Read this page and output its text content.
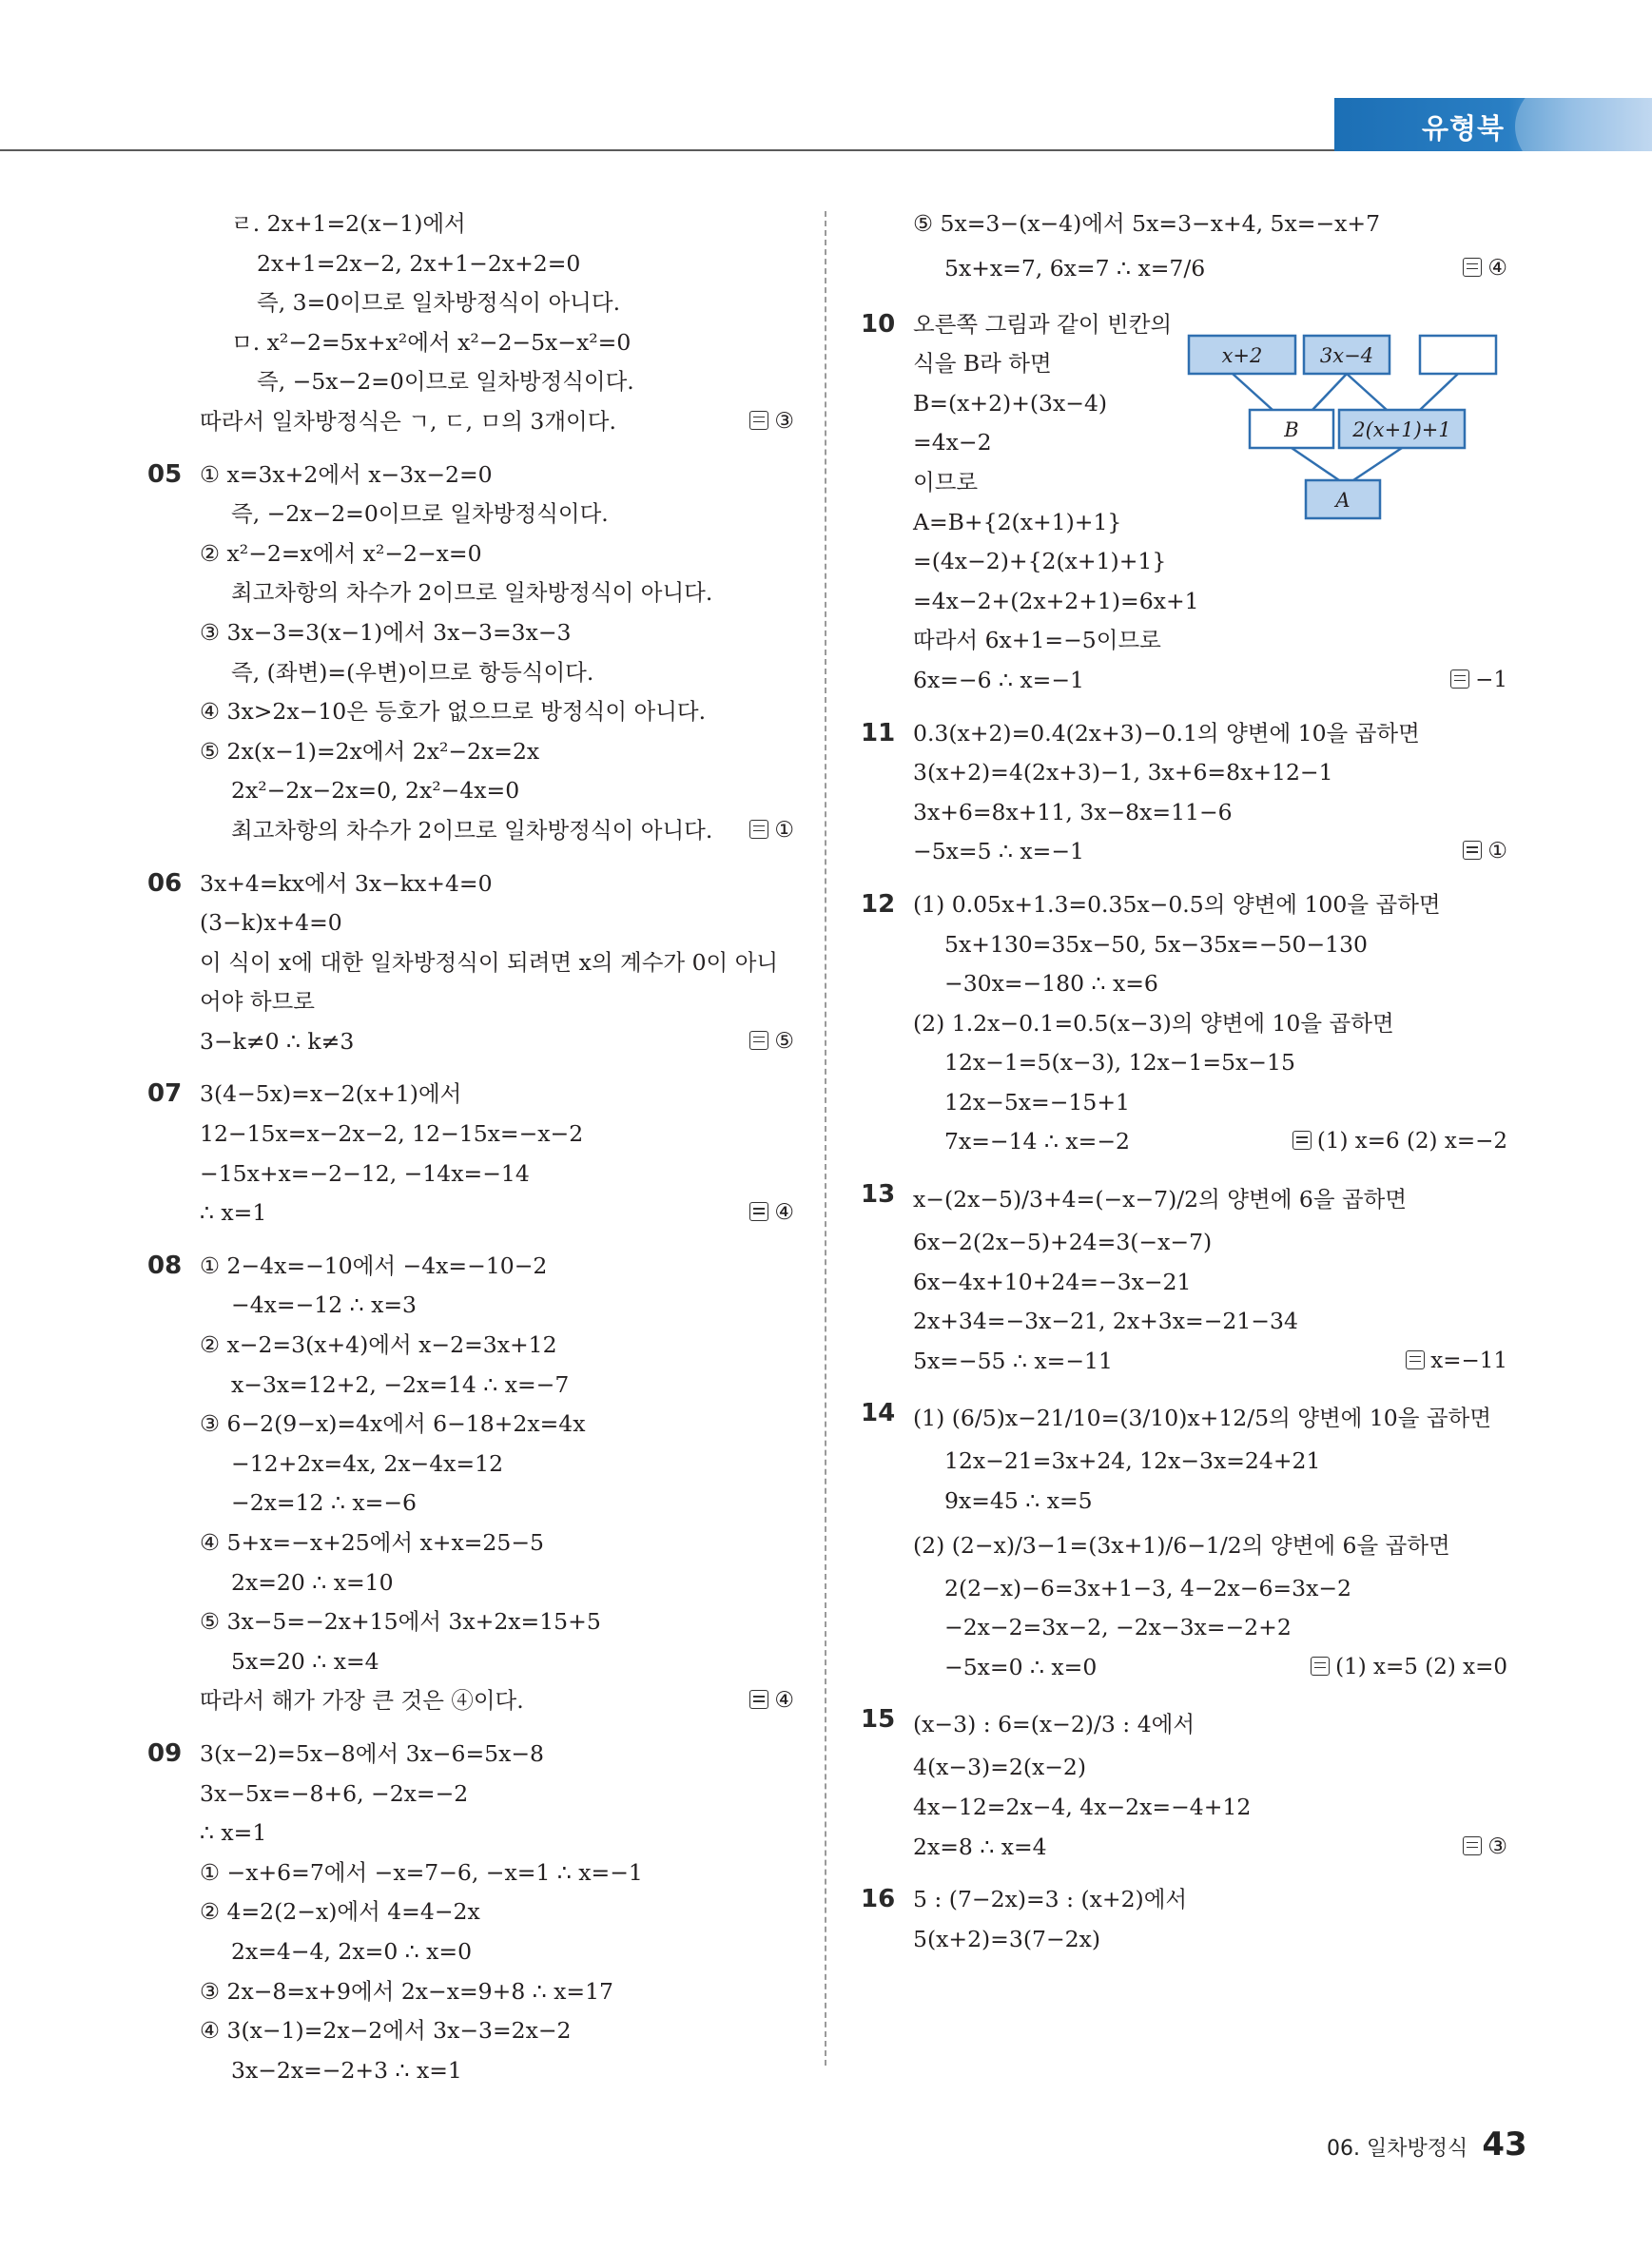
유형북
ㄹ. 2x+1=2(x−1)에서
2x+1=2x−2, 2x+1−2x+2=0
즉, 3=0이므로 일차방정식이 아니다.
ㅁ. x²−2=5x+x²에서 x²−2−5x−x²=0
즉, −5x−2=0이므로 일차방정식이다.
따라서 일차방정식은 ㄱ, ㄷ, ㅁ의 3개이다.	③
05 ① x=3x+2에서 x−3x−2=0
즉, −2x−2=0이므로 일차방정식이다.
② x²−2=x에서 x²−2−x=0
최고차항의 차수가 2이므로 일차방정식이 아니다.
③ 3x−3=3(x−1)에서 3x−3=3x−3
즉, (좌변)=(우변)이므로 항등식이다.
④ 3x>2x−10은 등호가 없으므로 방정식이 아니다.
⑤ 2x(x−1)=2x에서 2x²−2x=2x
2x²−2x−2x=0, 2x²−4x=0
최고차항의 차수가 2이므로 일차방정식이 아니다.	①
06 3x+4=kx에서 3x−kx+4=0
(3−k)x+4=0
이 식이 x에 대한 일차방정식이 되려면 x의 계수가 0이 아니
어야 하므로
3−k≠0 ∴ k≠3	⑤
07 3(4−5x)=x−2(x+1)에서
12−15x=x−2x−2, 12−15x=−x−2
−15x+x=−2−12, −14x=−14
∴ x=1	④
08 ① 2−4x=−10에서 −4x=−10−2
−4x=−12 ∴ x=3
② x−2=3(x+4)에서 x−2=3x+12
x−3x=12+2, −2x=14 ∴ x=−7
③ 6−2(9−x)=4x에서 6−18+2x=4x
−12+2x=4x, 2x−4x=12
−2x=12 ∴ x=−6
④ 5+x=−x+25에서 x+x=25−5
2x=20 ∴ x=10
⑤ 3x−5=−2x+15에서 3x+2x=15+5
5x=20 ∴ x=4
따라서 해가 가장 큰 것은 ④이다.	④
09 3(x−2)=5x−8에서 3x−6=5x−8
3x−5x=−8+6, −2x=−2
∴ x=1
① −x+6=7에서 −x=7−6, −x=1 ∴ x=−1
② 4=2(2−x)에서 4=4−2x
2x=4−4, 2x=0 ∴ x=0
③ 2x−8=x+9에서 2x−x=9+8 ∴ x=17
④ 3(x−1)=2x−2에서 3x−3=2x−2
3x−2x=−2+3 ∴ x=1
⑤ 5x=3−(x−4)에서 5x=3−x+4, 5x=−x+7
5x+x=7, 6x=7 ∴ x=7/6	④
10 오른쪽 그림과 같이 빈칸의
식을 B라 하면
B=(x+2)+(3x−4)
=4x−2
이므로
A=B+{2(x+1)+1}
=(4x−2)+{2(x+1)+1}
=4x−2+(2x+2+1)=6x+1
따라서 6x+1=−5이므로
6x=−6 ∴ x=−1	−1
11 0.3(x+2)=0.4(2x+3)−0.1의 양변에 10을 곱하면
3(x+2)=4(2x+3)−1, 3x+6=8x+12−1
3x+6=8x+11, 3x−8x=11−6
−5x=5 ∴ x=−1	①
12 (1) 0.05x+1.3=0.35x−0.5의 양변에 100을 곱하면
5x+130=35x−50, 5x−35x=−50−130
−30x=−180 ∴ x=6
(2) 1.2x−0.1=0.5(x−3)의 양변에 10을 곱하면
12x−1=5(x−3), 12x−1=5x−15
12x−5x=−15+1
7x=−14 ∴ x=−2	(1) x=6 (2) x=−2
13 x−(2x−5)/3+4=(−x−7)/2의 양변에 6을 곱하면
6x−2(2x−5)+24=3(−x−7)
6x−4x+10+24=−3x−21
2x+34=−3x−21, 2x+3x=−21−34
5x=−55 ∴ x=−11	x=−11
14 (1) (6/5)x−21/10=(3/10)x+12/5의 양변에 10을 곱하면
12x−21=3x+24, 12x−3x=24+21
9x=45 ∴ x=5
(2) (2−x)/3−1=(3x+1)/6−1/2의 양변에 6을 곱하면
2(2−x)−6=3x+1−3, 4−2x−6=3x−2
−2x−2=3x−2, −2x−3x=−2+2
−5x=0 ∴ x=0	(1) x=5 (2) x=0
15 (x−3) : 6=(x−2)/3 : 4에서
4(x−3)=2(x−2)
4x−12=2x−4, 4x−2x=−4+12
2x=8 ∴ x=4	③
16 5 : (7−2x)=3 : (x+2)에서
5(x+2)=3(7−2x)
x+2	3x−4
B	2(x+1)+1
A
06. 일차방정식 43
